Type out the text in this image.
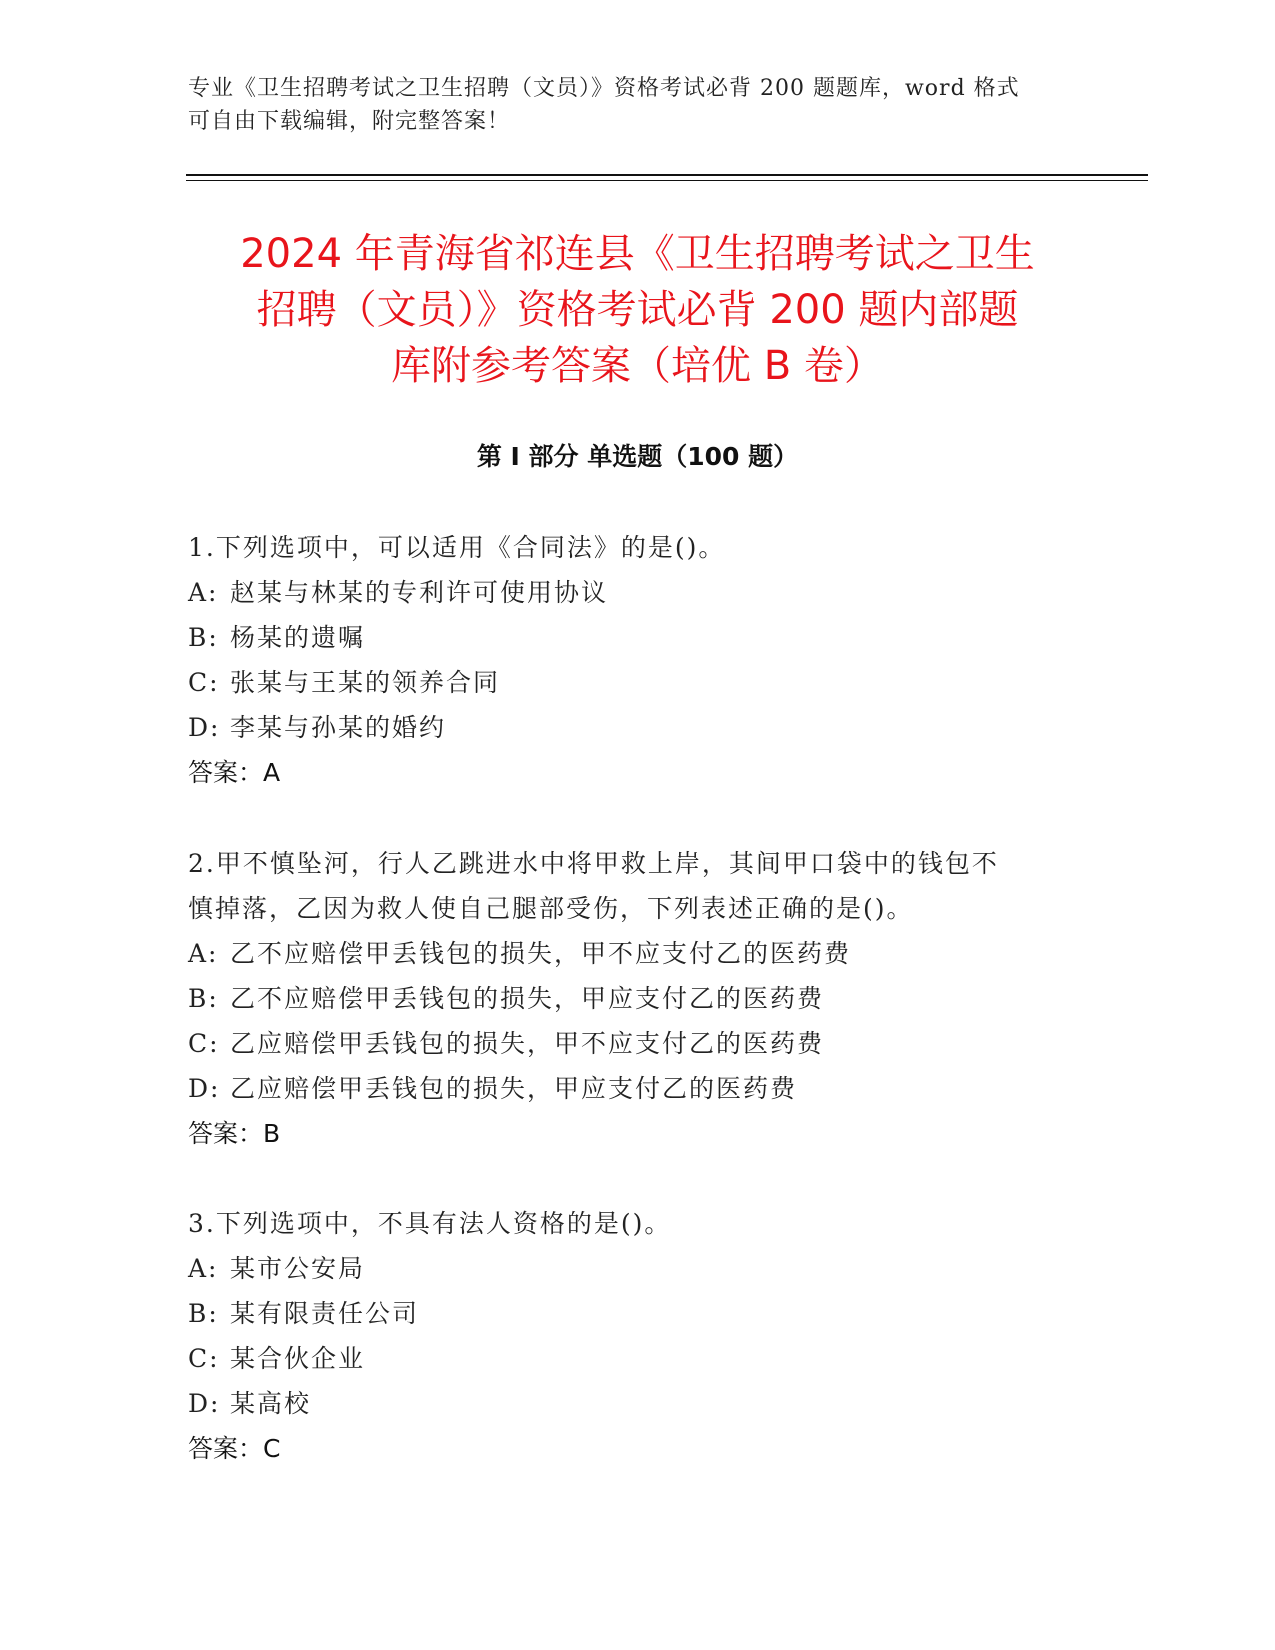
专业《卫生招聘考试之卫生招聘（文员）》资格考试必背 200 题题库，word 格式
可自由下载编辑，附完整答案！
2024 年青海省祁连县《卫生招聘考试之卫生
招聘（文员）》资格考试必背 200 题内部题
库附参考答案（培优 B 卷）
第 I 部分 单选题（100 题）

1.下列选项中，可以适用《合同法》的是()。

A: 赵某与林某的专利许可使用协议

B: 杨某的遗嘱

C: 张某与王某的领养合同

D: 李某与孙某的婚约

答案：A

2.甲不慎坠河，行人乙跳进水中将甲救上岸，其间甲口袋中的钱包不

慎掉落，乙因为救人使自己腿部受伤，下列表述正确的是()。

A: 乙不应赔偿甲丢钱包的损失，甲不应支付乙的医药费

B: 乙不应赔偿甲丢钱包的损失，甲应支付乙的医药费

C: 乙应赔偿甲丢钱包的损失，甲不应支付乙的医药费

D: 乙应赔偿甲丢钱包的损失，甲应支付乙的医药费

答案：B

3.下列选项中，不具有法人资格的是()。

A: 某市公安局

B: 某有限责任公司

C: 某合伙企业

D: 某高校

答案：C
